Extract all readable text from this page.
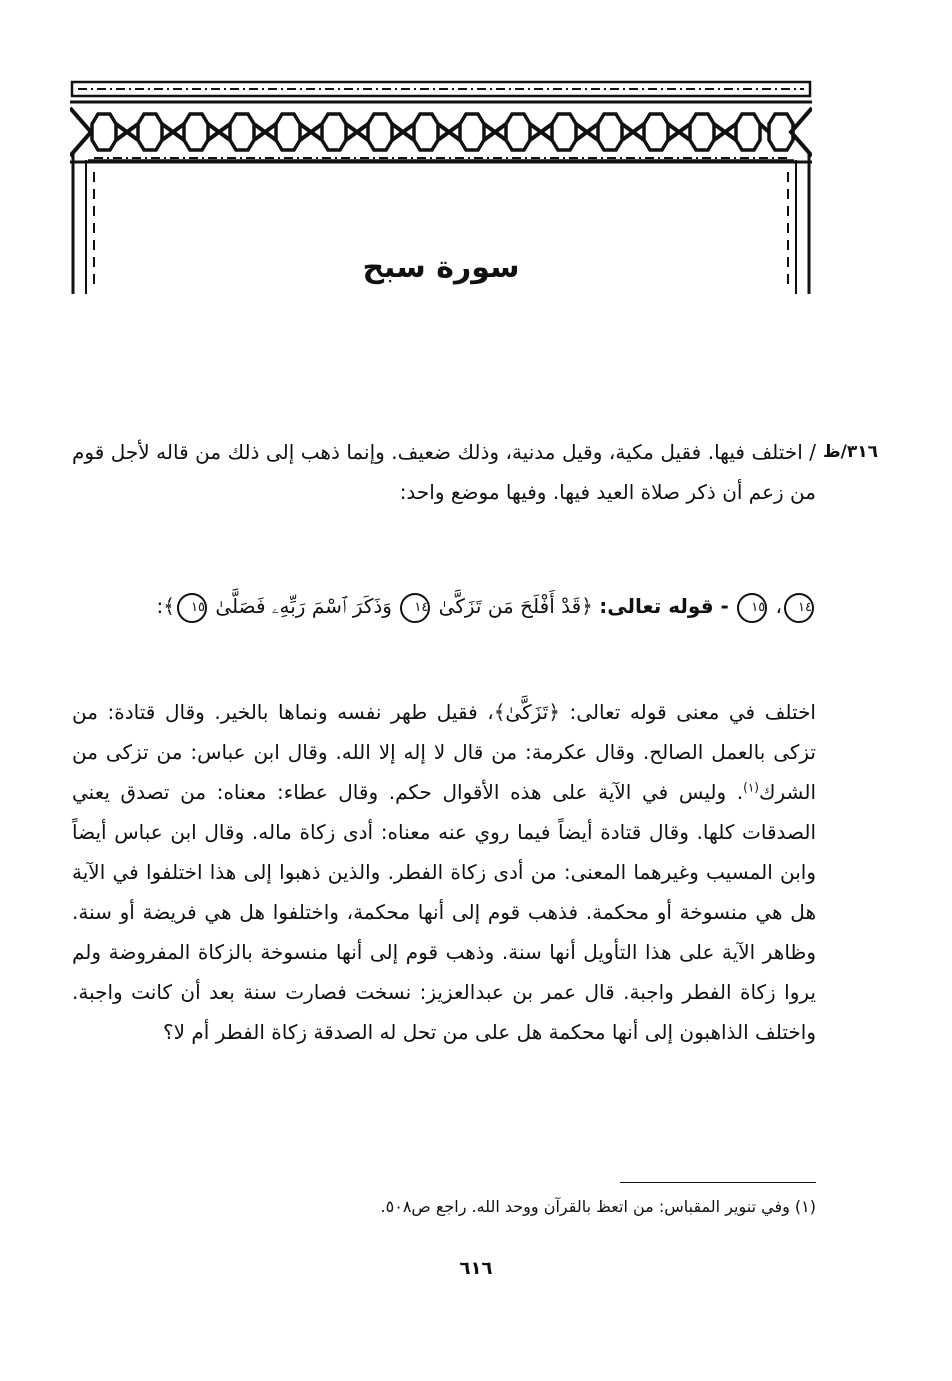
سورة سبح
٣١٦/ظ
/ اختلف فيها. فقيل مكية، وقيل مدنية، وذلك ضعيف. وإنما ذهب إلى ذلك من قاله لأجل قوم من زعم أن ذكر صلاة العيد فيها. وفيها موضع واحد:
١٤، ١٥ - قوله تعالى: ﴿قَدْ أَفْلَحَ مَن تَزَكَّىٰ ١٤ وَذَكَرَ ٱسْمَ رَبِّهِۦ فَصَلَّىٰ ١٥﴾:
اختلف في معنى قوله تعالى: ﴿تَزَكَّىٰ﴾، فقيل طهر نفسه ونماها بالخير. وقال قتادة: من تزكى بالعمل الصالح. وقال عكرمة: من قال لا إله إلا الله. وقال ابن عباس: من تزكى من الشرك$^{(١)}$. وليس في الآية على هذه الأقوال حكم. وقال عطاء: معناه: من تصدق يعني الصدقات كلها. وقال قتادة أيضاً فيما روي عنه معناه: أدى زكاة ماله. وقال ابن عباس أيضاً وابن المسيب وغيرهما المعنى: من أدى زكاة الفطر. والذين ذهبوا إلى هذا اختلفوا في الآية هل هي منسوخة أو محكمة. فذهب قوم إلى أنها محكمة، واختلفوا هل هي فريضة أو سنة. وظاهر الآية على هذا التأويل أنها سنة. وذهب قوم إلى أنها منسوخة بالزكاة المفروضة ولم يروا زكاة الفطر واجبة. قال عمر بن عبدالعزيز: نسخت فصارت سنة بعد أن كانت واجبة. واختلف الذاهبون إلى أنها محكمة هل على من تحل له الصدقة زكاة الفطر أم لا؟
(١) وفي تنوير المقباس: من اتعظ بالقرآن ووحد الله. راجع ص٥٠٨.
٦١٦
